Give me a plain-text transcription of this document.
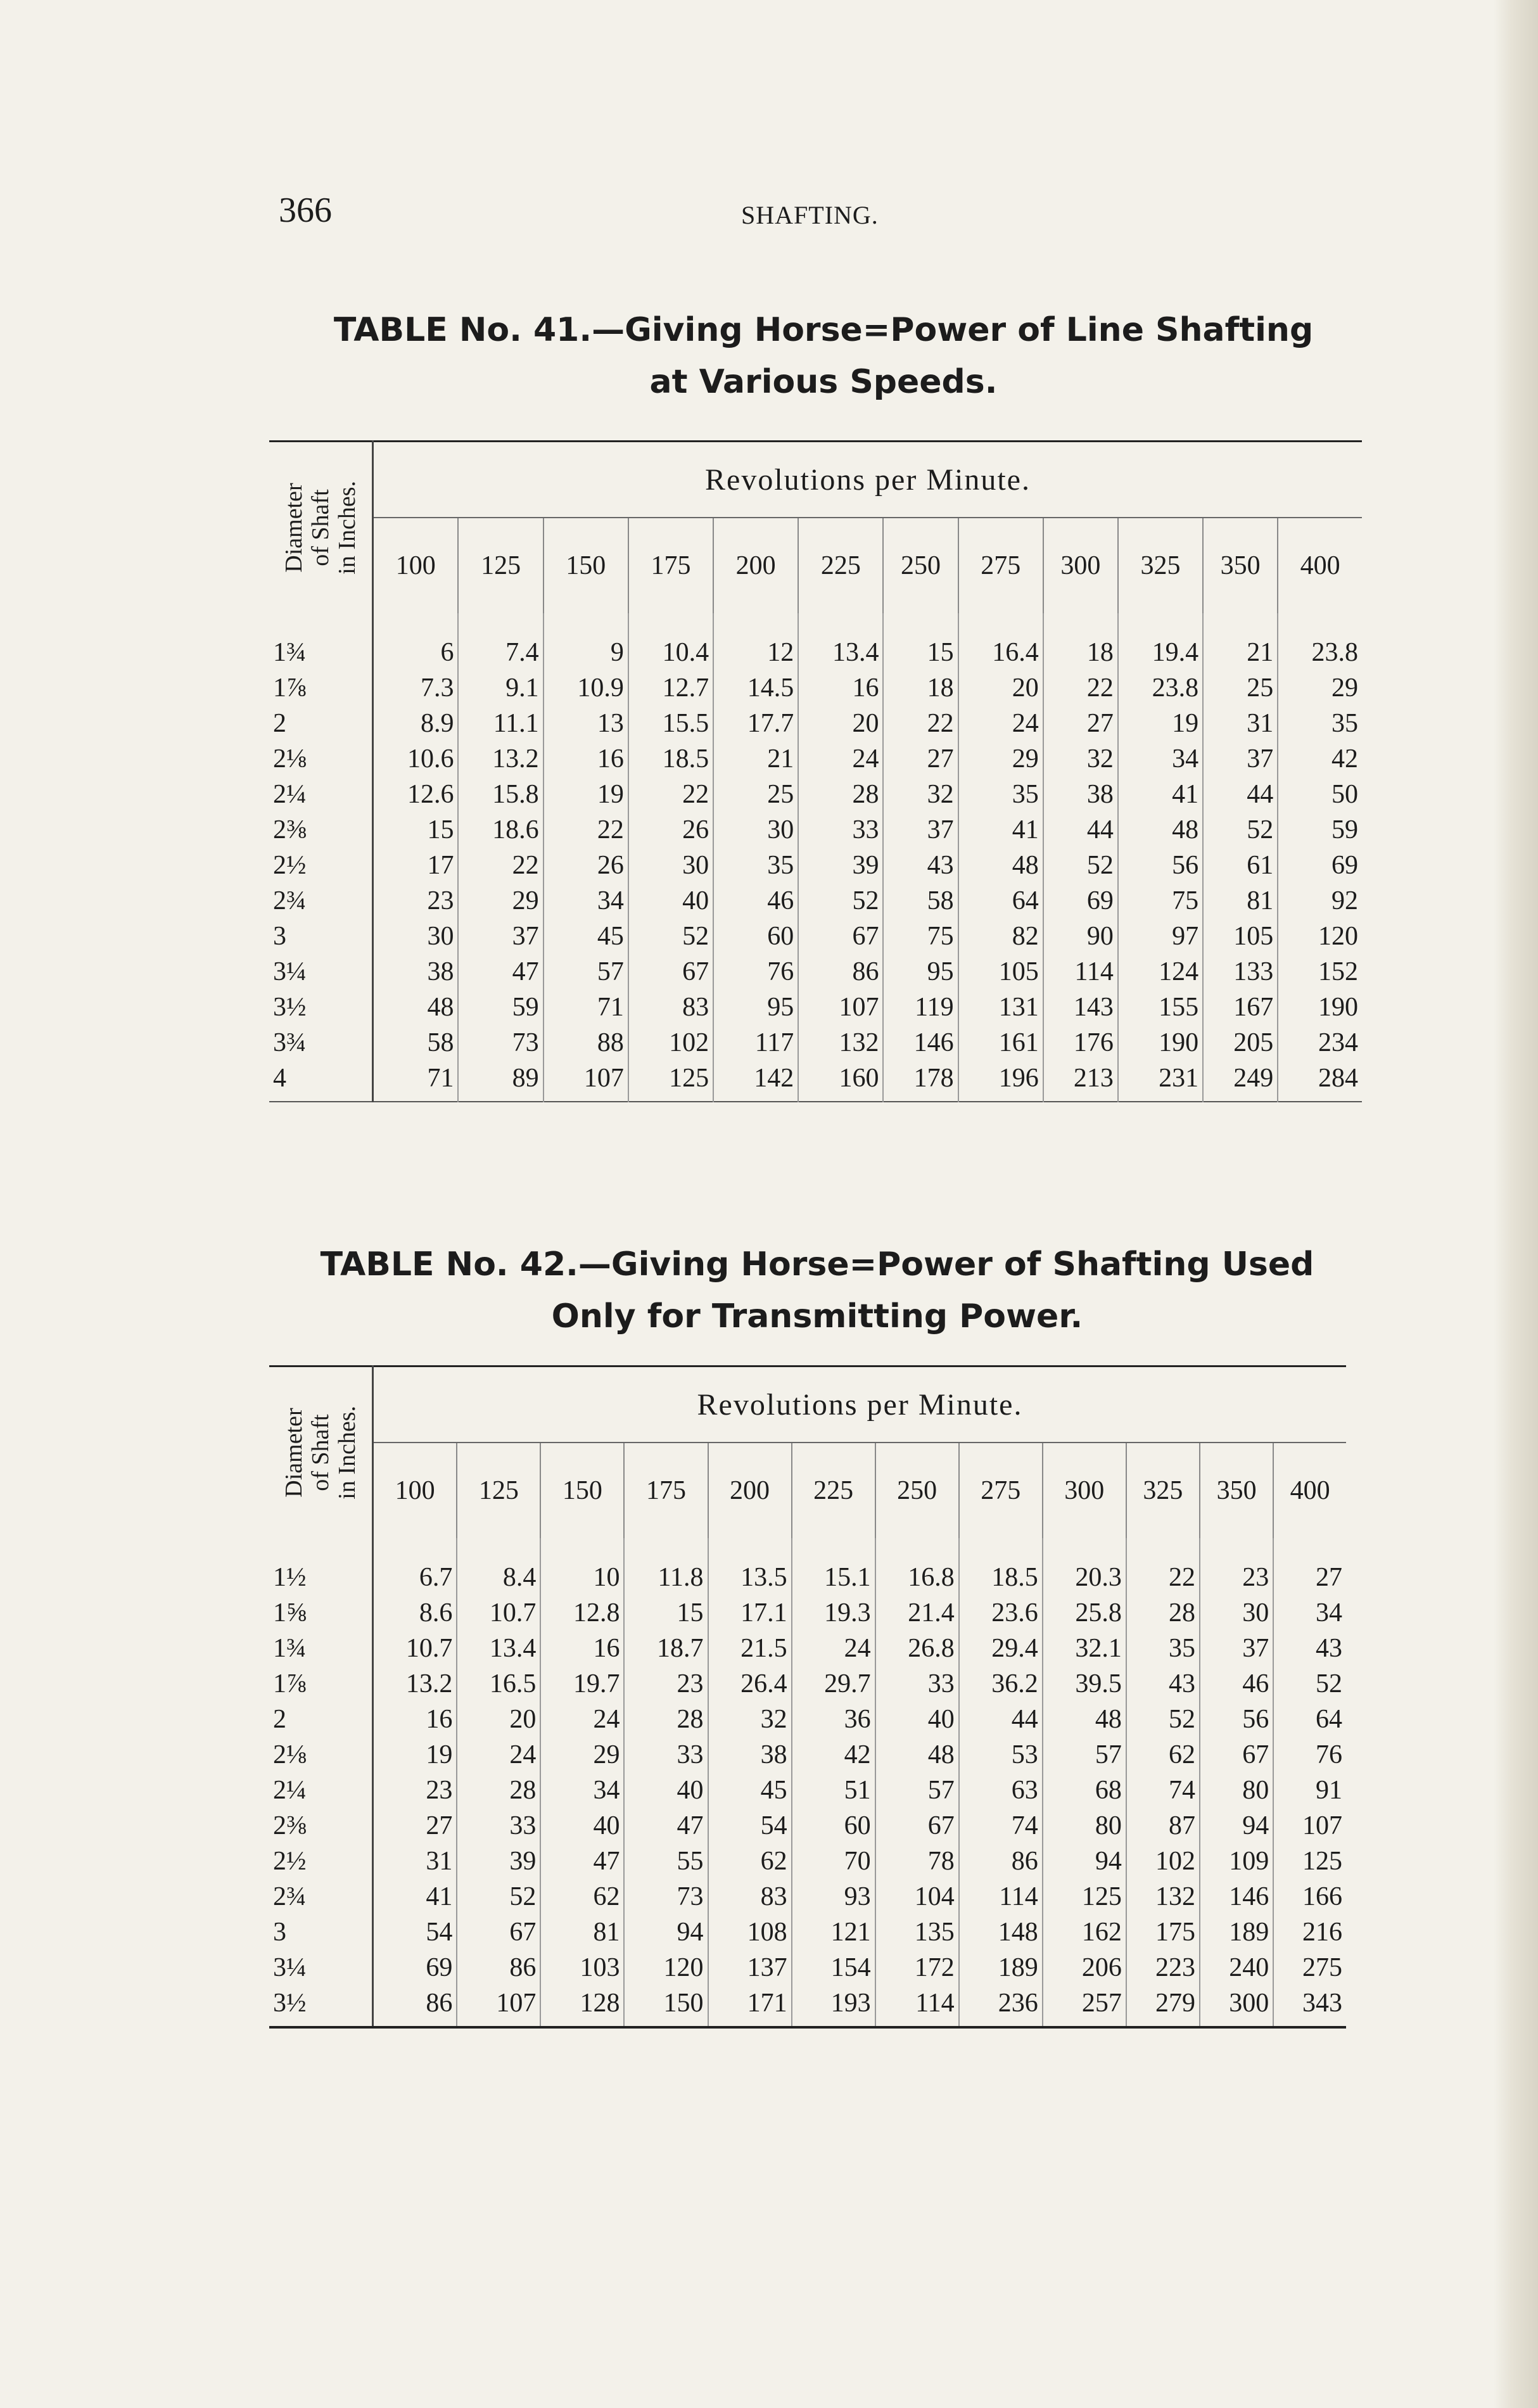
366	SHAFTING.
TABLE No. 41.—Giving Horse=Power of Line Shafting
at Various Speeds.
Diameter of Shaft in Inches.	Revolutions per Minute.											
	100	125	150	175	200	225	250	275	300	325	350	400

1¾	6	7.4	9	10.4	12	13.4	15	16.4	18	19.4	21	23.8
1⅞	7.3	9.1	10.9	12.7	14.5	16	18	20	22	23.8	25	29
2	8.9	11.1	13	15.5	17.7	20	22	24	27	19	31	35
2⅛	10.6	13.2	16	18.5	21	24	27	29	32	34	37	42
2¼	12.6	15.8	19	22	25	28	32	35	38	41	44	50
2⅜	15	18.6	22	26	30	33	37	41	44	48	52	59
2½	17	22	26	30	35	39	43	48	52	56	61	69
2¾	23	29	34	40	46	52	58	64	69	75	81	92
3	30	37	45	52	60	67	75	82	90	97	105	120
3¼	38	47	57	67	76	86	95	105	114	124	133	152
3½	48	59	71	83	95	107	119	131	143	155	167	190
3¾	58	73	88	102	117	132	146	161	176	190	205	234
4	71	89	107	125	142	160	178	196	213	231	249	284
TABLE No. 42.—Giving Horse=Power of Shafting Used
Only for Transmitting Power.
Diameter of Shaft in Inches.	Revolutions per Minute.											
	100	125	150	175	200	225	250	275	300	325	350	400

1½	6.7	8.4	10	11.8	13.5	15.1	16.8	18.5	20.3	22	23	27
1⅝	8.6	10.7	12.8	15	17.1	19.3	21.4	23.6	25.8	28	30	34
1¾	10.7	13.4	16	18.7	21.5	24	26.8	29.4	32.1	35	37	43
1⅞	13.2	16.5	19.7	23	26.4	29.7	33	36.2	39.5	43	46	52
2	16	20	24	28	32	36	40	44	48	52	56	64
2⅛	19	24	29	33	38	42	48	53	57	62	67	76
2¼	23	28	34	40	45	51	57	63	68	74	80	91
2⅜	27	33	40	47	54	60	67	74	80	87	94	107
2½	31	39	47	55	62	70	78	86	94	102	109	125
2¾	41	52	62	73	83	93	104	114	125	132	146	166
3	54	67	81	94	108	121	135	148	162	175	189	216
3¼	69	86	103	120	137	154	172	189	206	223	240	275
3½	86	107	128	150	171	193	114	236	257	279	300	343
